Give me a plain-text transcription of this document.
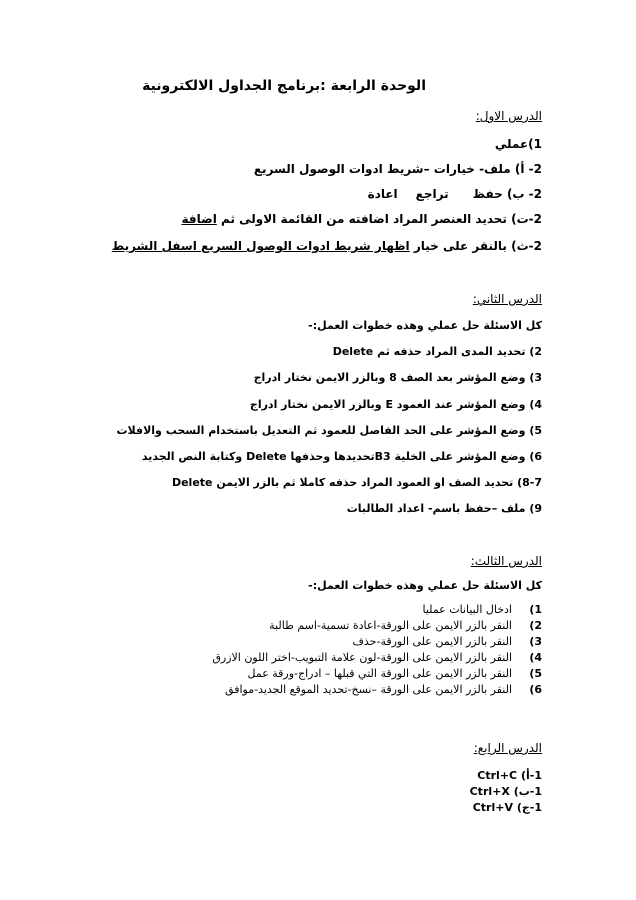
الوحدة الرابعة :برنامج الجداول الالكترونية
الدرس الاول:
1)عملي
2- أ) ملف- خيارات –شريط ادوات الوصول السريع
2- ب) حفظتراجعاعادة
2-ت) تحديد العنصر المراد اضافته من القائمة الاولى ثم اضافة
2-ث) بالنقر على خيار اظهار شريط ادوات الوصول السريع اسفل الشريط
الدرس الثاني:
كل الاسئلة حل عملي وهذه خطوات العمل:-
2) تحديد المدى المراد حذفه ثم Delete
3) وضع المؤشر بعد الصف 8 وبالزر الايمن نختار ادراج
4) وضع المؤشر عند العمود E وبالزر الايمن نختار ادراج
5) وضع المؤشر على الحد الفاصل للعمود ثم التعديل باستخدام السحب والافلات
6) وضع المؤشر على الخلية B3تحديدها وحذفها Delete وكتابة النص الجديد
8-7) تحديد الصف او العمود المراد حذفه كاملا ثم بالزر الايمن Delete
9) ملف –حفظ باسم- اعداد الطالبات
الدرس الثالث:
كل الاسئلة حل عملي وهذه خطوات العمل:-
1)ادخال البيانات عمليا
2)النقر بالزر الايمن على الورقة-اعادة تسمية-اسم طالبة
3)النقر بالزر الايمن على الورقة-حذف
4)النقر بالزر الايمن على الورقة-لون علامة التبويب-اختر اللون الازرق
5)النقر بالزر الايمن على الورقة التي قبلها – ادراج-ورقة عمل
6)النقر بالزر الايمن على الورقة –نسخ-تحديد الموقع الجديد-موافق
الدرس الرابع:
1-أ) Ctrl+C
1-ب) Ctrl+X
1-ج) Ctrl+V
